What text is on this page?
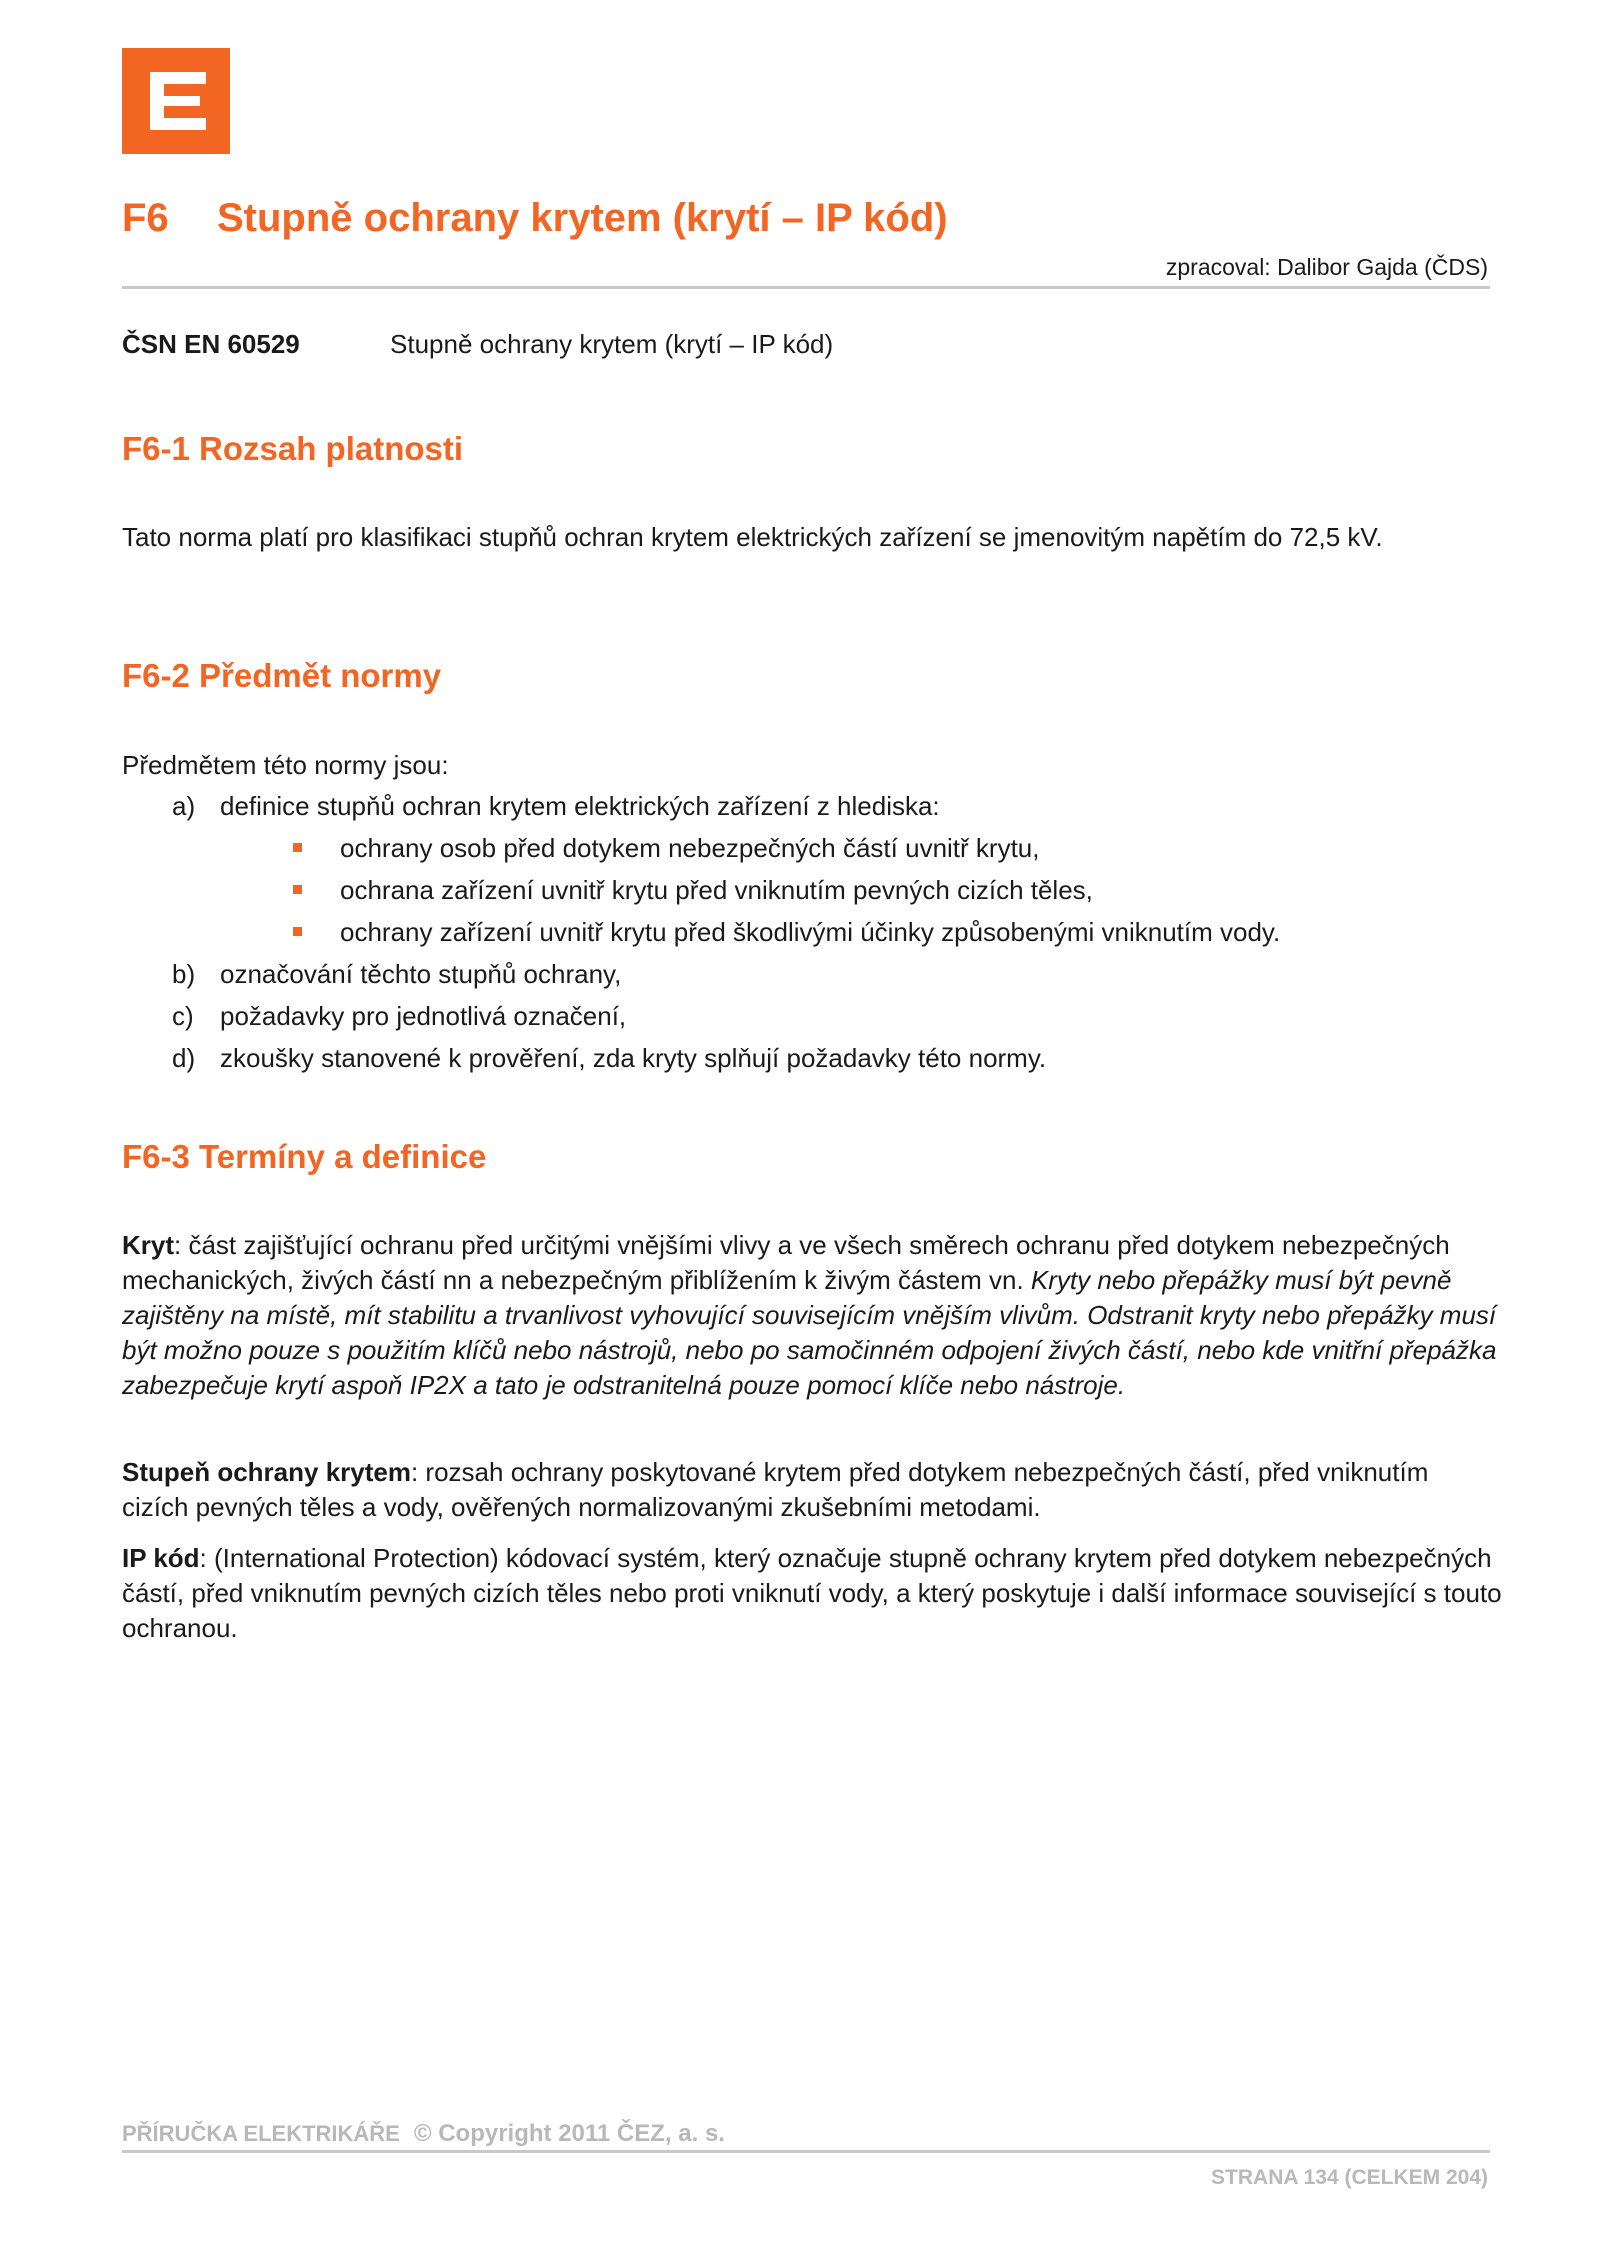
F6 Stupně ochrany krytem (krytí – IP kód)
zpracoval: Dalibor Gajda (ČDS)
ČSN EN 60529	Stupně ochrany krytem (krytí – IP kód)
F6-1 Rozsah platnosti

Tato norma platí pro klasifikaci stupňů ochran krytem elektrických zařízení se jmenovitým napětím do 72,5 kV.

F6-2 Předmět normy
Předmětem této normy jsou:
a) definice stupňů ochran krytem elektrických zařízení z hlediska:
ochrany osob před dotykem nebezpečných částí uvnitř krytu,
ochrana zařízení uvnitř krytu před vniknutím pevných cizích těles,
ochrany zařízení uvnitř krytu před škodlivými účinky způsobenými vniknutím vody.
b) označování těchto stupňů ochrany,
c) požadavky pro jednotlivá označení,
d) zkoušky stanovené k prověření, zda kryty splňují požadavky této normy.
F6-3 Termíny a definice

Kryt: část zajišťující ochranu před určitými vnějšími vlivy a ve všech směrech ochranu před dotykem nebezpečných mechanických, živých částí nn a nebezpečným přiblížením k živým částem vn. Kryty nebo přepážky musí být pevně zajištěny na místě, mít stabilitu a trvanlivost vyhovující souvisejícím vnějším vlivům. Odstranit kryty nebo přepážky musí být možno pouze s použitím klíčů nebo nástrojů, nebo po samočinném odpojení živých částí, nebo kde vnitřní přepážka zabezpečuje krytí aspoň IP2X a tato je odstranitelná pouze pomocí klíče nebo nástroje.

Stupeň ochrany krytem: rozsah ochrany poskytované krytem před dotykem nebezpečných částí, před vniknutím cizích pevných těles a vody, ověřených normalizovanými zkušebními metodami.

IP kód: (International Protection) kódovací systém, který označuje stupně ochrany krytem před dotykem nebezpečných částí, před vniknutím pevných cizích těles nebo proti vniknutí vody, a který poskytuje i další informace související s touto ochranou.

PŘÍRUČKA ELEKTRIKÁŘE © Copyright 2011 ČEZ, a. s.
STRANA 134 (CELKEM 204)
